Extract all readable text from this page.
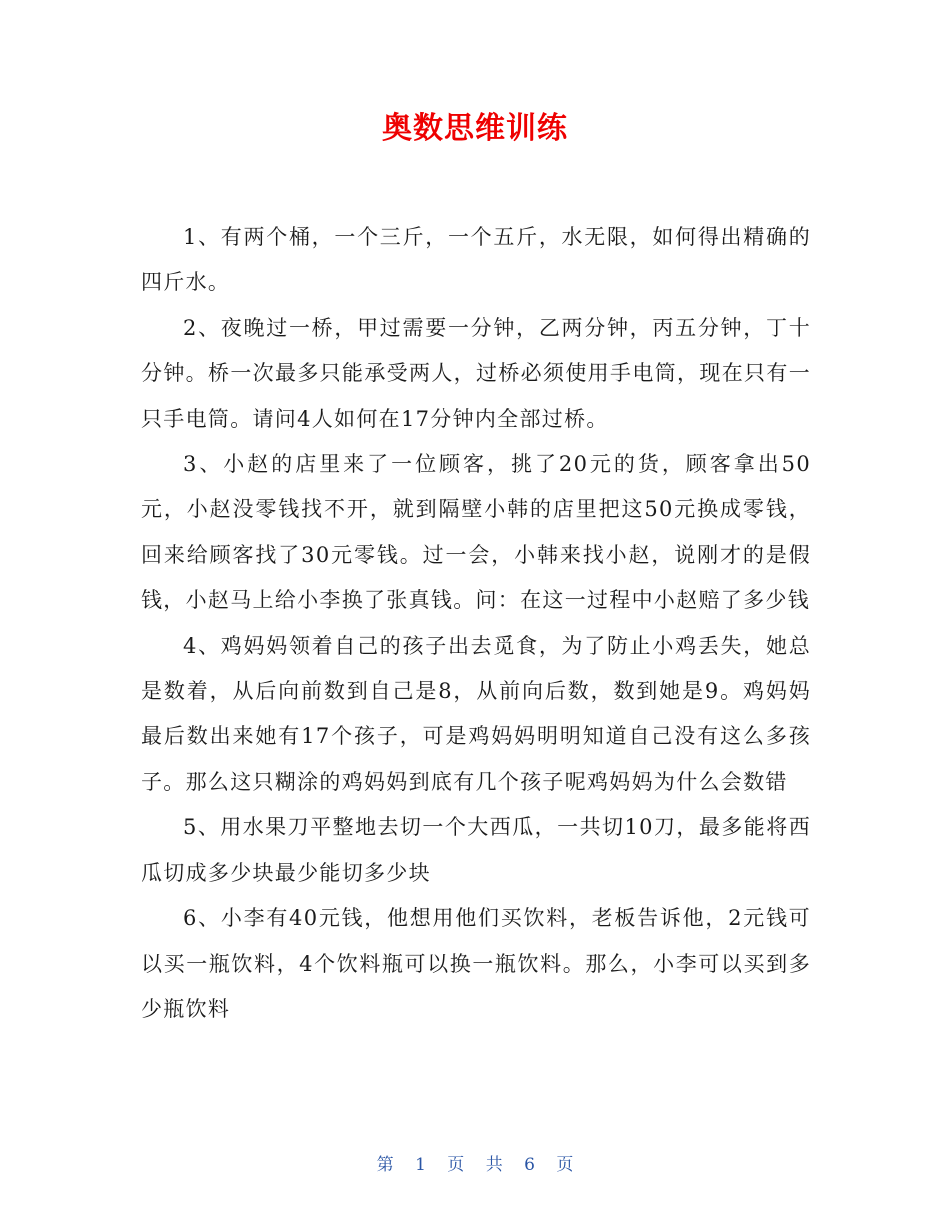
奥数思维训练

1、有两个桶，一个三斤，一个五斤，水无限，如何得出精确的四斤水。

2、夜晚过一桥，甲过需要一分钟，乙两分钟，丙五分钟，丁十分钟。桥一次最多只能承受两人，过桥必须使用手电筒，现在只有一只手电筒。请问4人如何在17分钟内全部过桥。

3、小赵的店里来了一位顾客，挑了20元的货，顾客拿出50元，小赵没零钱找不开，就到隔壁小韩的店里把这50元换成零钱，回来给顾客找了30元零钱。过一会，小韩来找小赵，说刚才的是假钱，小赵马上给小李换了张真钱。问：在这一过程中小赵赔了多少钱

4、鸡妈妈领着自己的孩子出去觅食，为了防止小鸡丢失，她总是数着，从后向前数到自己是8，从前向后数，数到她是9。鸡妈妈最后数出来她有17个孩子，可是鸡妈妈明明知道自己没有这么多孩子。那么这只糊涂的鸡妈妈到底有几个孩子呢鸡妈妈为什么会数错

5、用水果刀平整地去切一个大西瓜，一共切10刀，最多能将西瓜切成多少块最少能切多少块

6、小李有40元钱，他想用他们买饮料，老板告诉他，2元钱可以买一瓶饮料，4个饮料瓶可以换一瓶饮料。那么，小李可以买到多少瓶饮料

第 1 页 共 6 页
